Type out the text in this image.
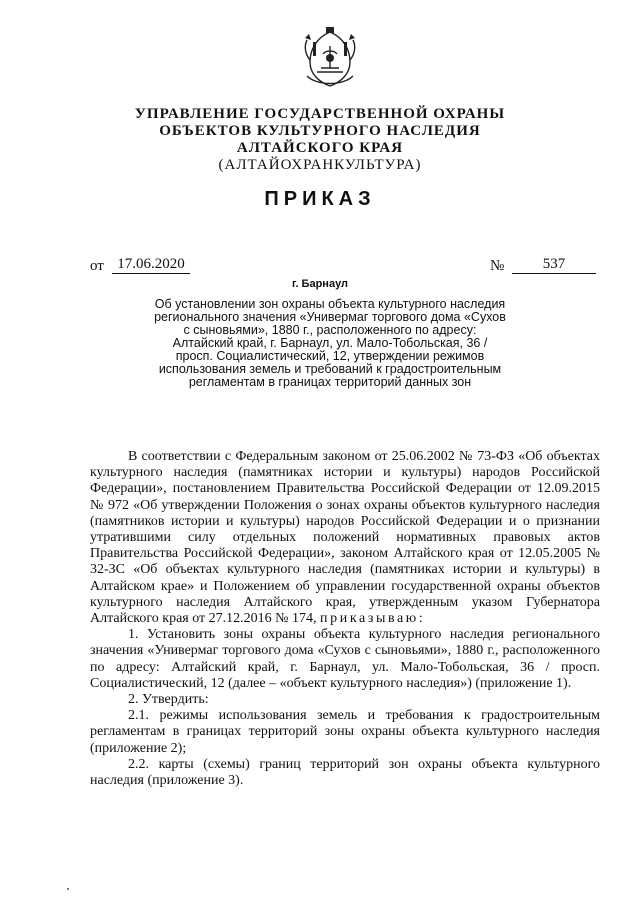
УПРАВЛЕНИЕ ГОСУДАРСТВЕННОЙ ОХРАНЫ
ОБЪЕКТОВ КУЛЬТУРНОГО НАСЛЕДИЯ
АЛТАЙСКОГО КРАЯ
(АЛТАЙОХРАНКУЛЬТУРА)
ПРИКАЗ
от 17.06.2020	№	537
г. Барнаул
Об установлении зон охраны объекта культурного наследия
регионального значения «Универмаг торгового дома «Сухов
с сыновьями», 1880 г., расположенного по адресу:
Алтайский край, г. Барнаул, ул. Мало-Тобольская, 36 /
просп. Социалистический, 12, утверждении режимов
использования земель и требований к градостроительным
регламентам в границах территорий данных зон
В соответствии с Федеральным законом от 25.06.2002 № 73-ФЗ «Об объектах культурного наследия (памятниках истории и культуры) народов Российской Федерации», постановлением Правительства Российской Федерации от 12.09.2015 № 972 «Об утверждении Положения о зонах охраны объектов культурного наследия (памятников истории и культуры) народов Российской Федерации и о признании утратившими силу отдельных положений нормативных правовых актов Правительства Российской Федерации», законом Алтайского края от 12.05.2005 № 32-ЗС «Об объектах культурного наследия (памятниках истории и культуры) в Алтайском крае» и Положением об управлении государственной охраны объектов культурного наследия Алтайского края, утвержденным указом Губернатора Алтайского края от 27.12.2016 № 174, приказываю:
1. Установить зоны охраны объекта культурного наследия регионального значения «Универмаг торгового дома «Сухов с сыновьями», 1880 г., расположенного по адресу: Алтайский край, г. Барнаул, ул. Мало-Тобольская, 36 / просп. Социалистический, 12 (далее – «объект культурного наследия») (приложение 1).
2. Утвердить:
2.1. режимы использования земель и требования к градостроительным регламентам в границах территорий зоны охраны объекта культурного наследия (приложение 2);
2.2. карты (схемы) границ территорий зон охраны объекта культурного наследия (приложение 3).
